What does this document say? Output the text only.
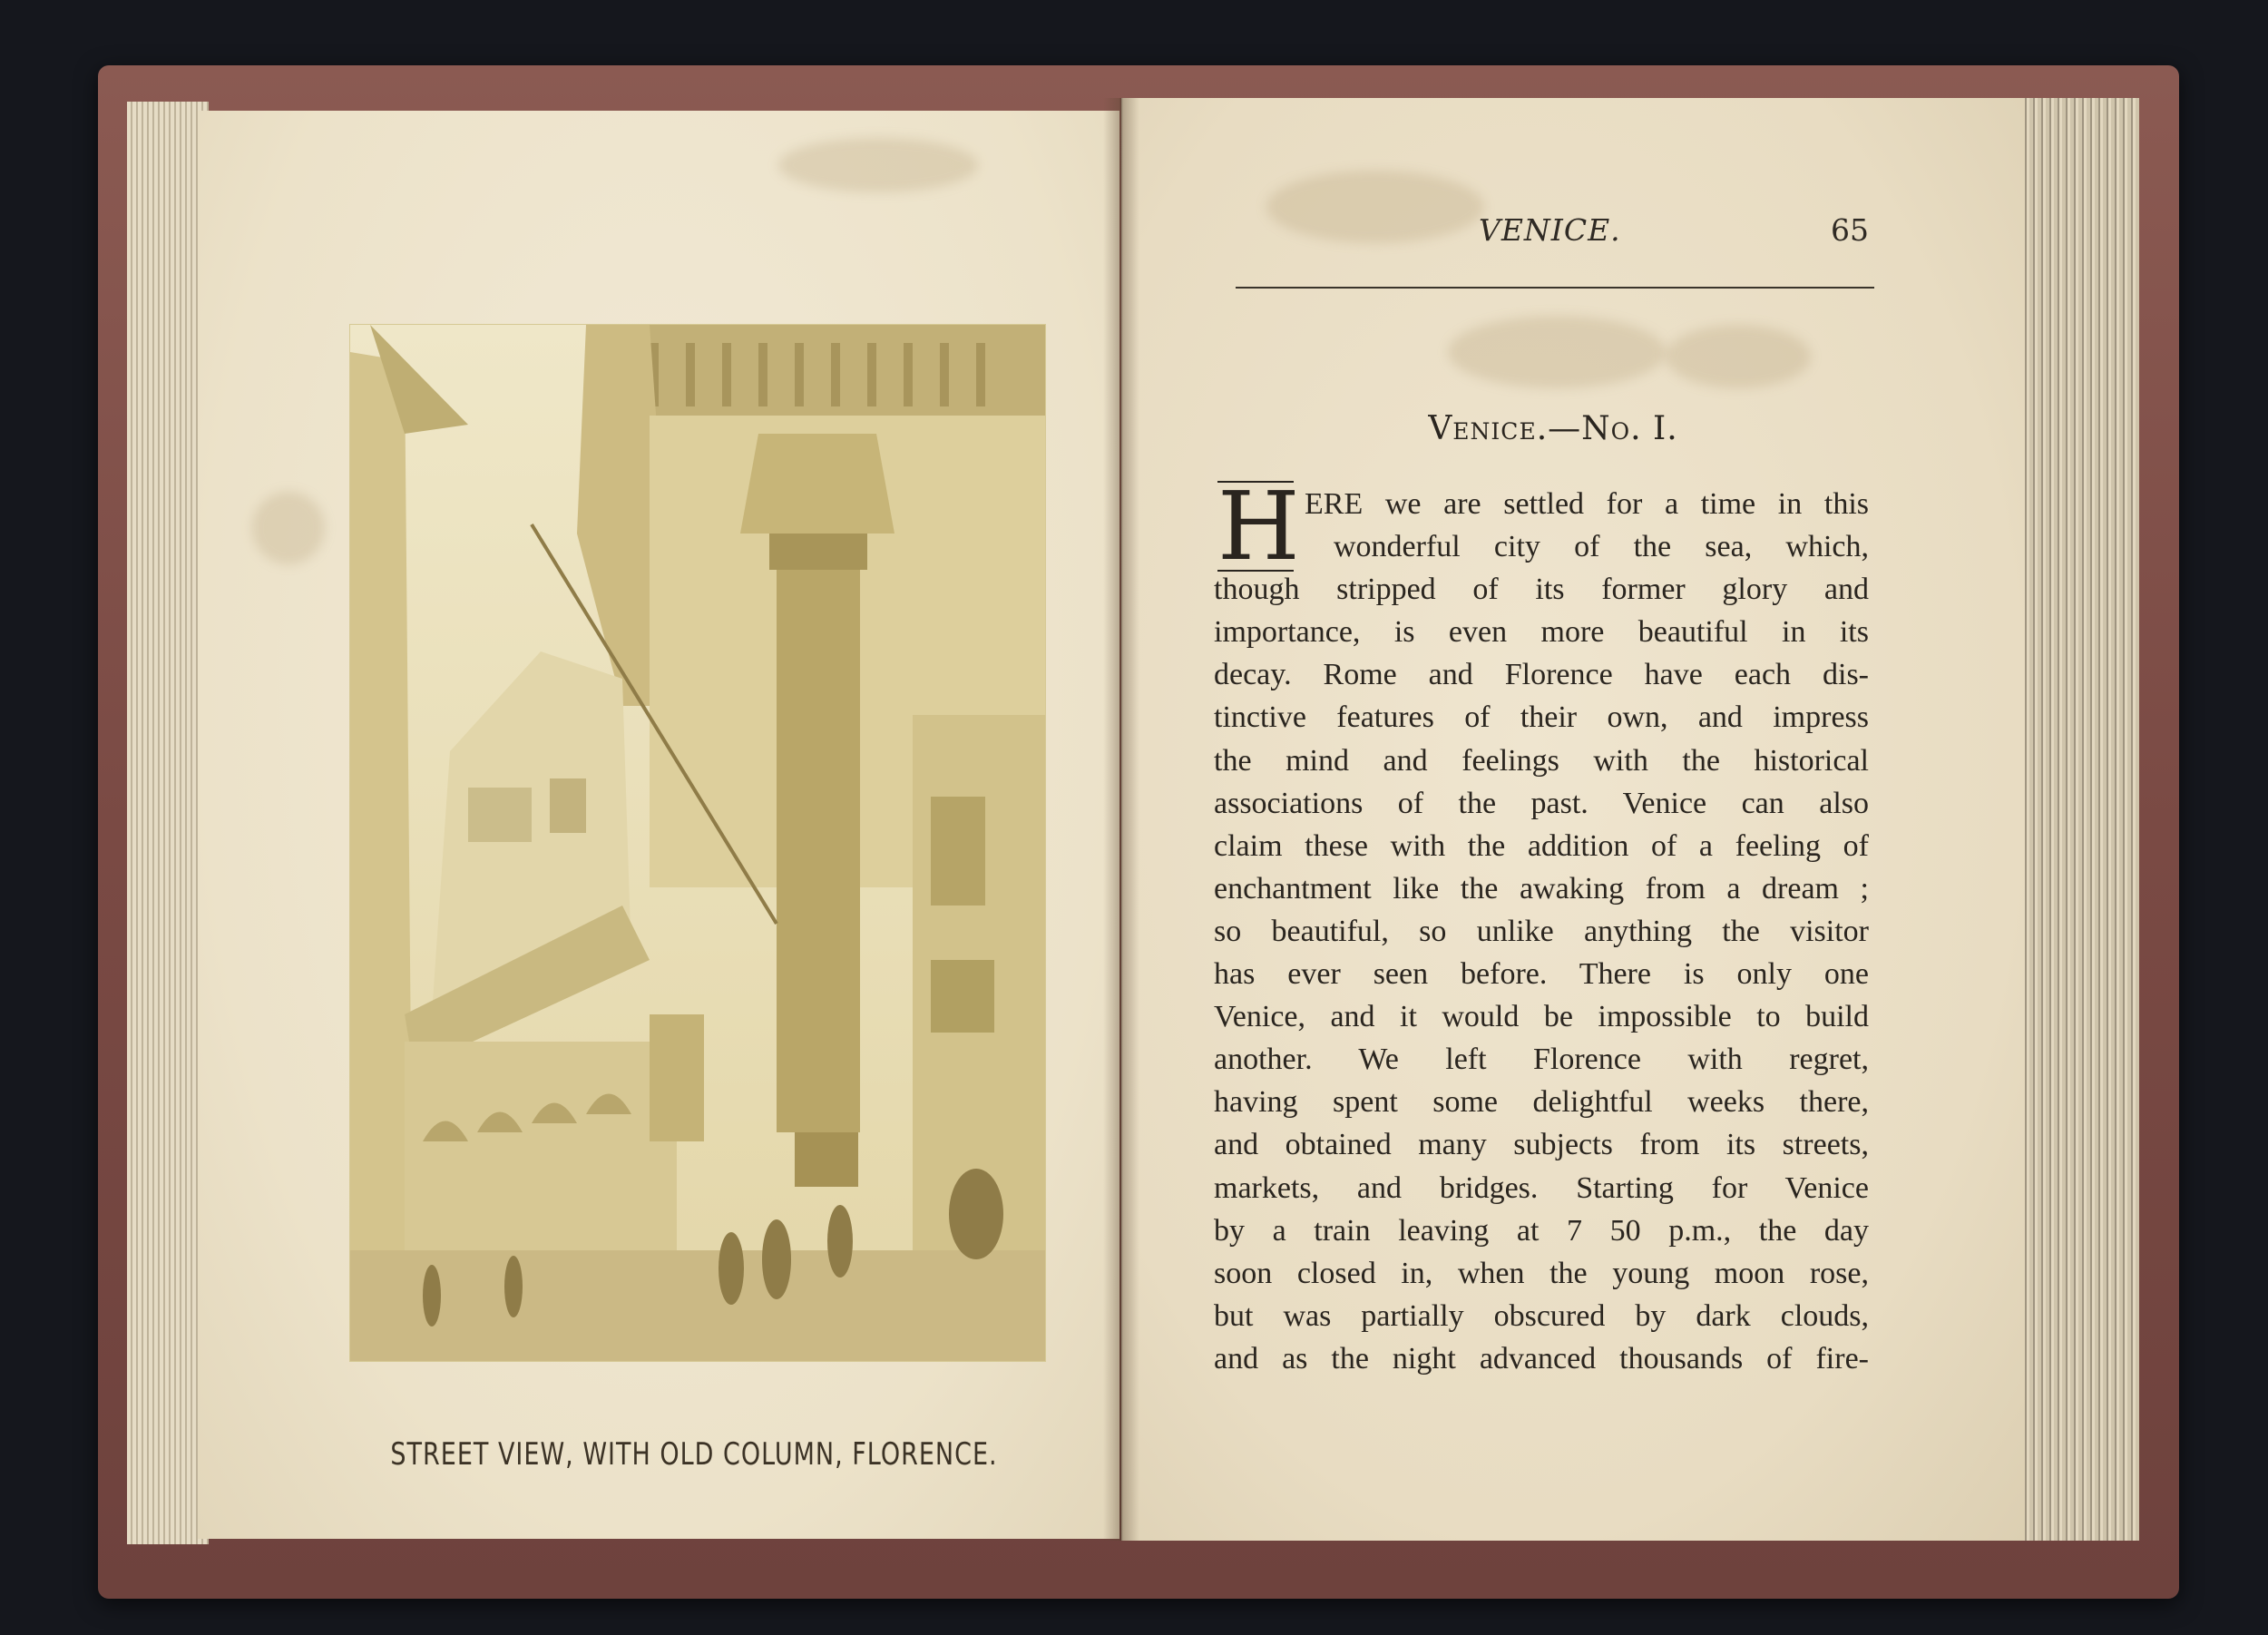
STREET VIEW, WITH OLD COLUMN, FLORENCE.
VENICE.	65
Venice.—No. I.
H ERE we are settled for a time in this
wonderful city of the sea, which,
though stripped of its former glory and
importance, is even more beautiful in its
decay. Rome and Florence have each dis-
tinctive features of their own, and impress
the mind and feelings with the historical
associations of the past. Venice can also
claim these with the addition of a feeling of
enchantment like the awaking from a dream ;
so beautiful, so unlike anything the visitor
has ever seen before. There is only one
Venice, and it would be impossible to build
another. We left Florence with regret,
having spent some delightful weeks there,
and obtained many subjects from its streets,
markets, and bridges. Starting for Venice
by a train leaving at 7 50 p.m., the day
soon closed in, when the young moon rose,
but was partially obscured by dark clouds,
and as the night advanced thousands of fire-
